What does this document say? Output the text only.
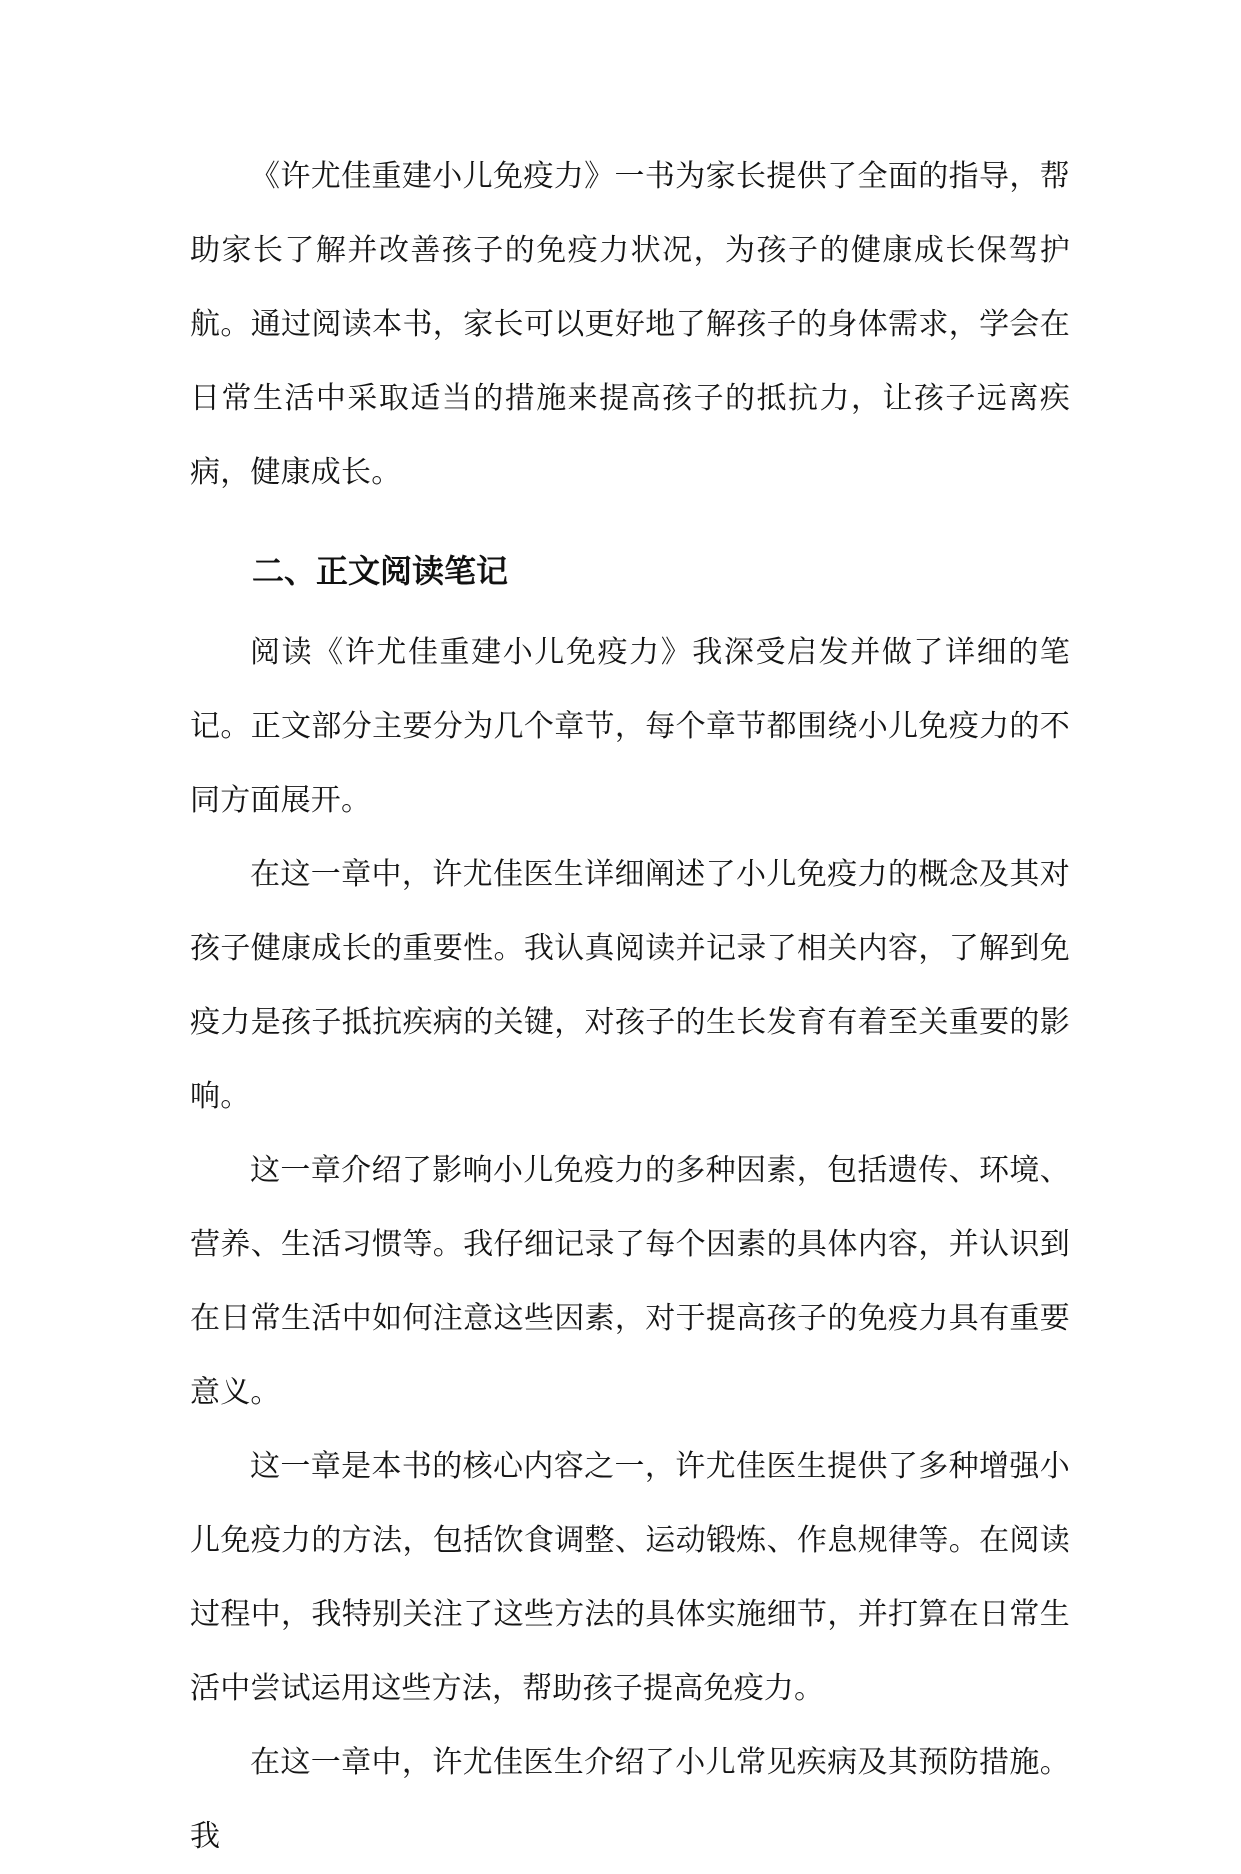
《许尤佳重建小儿免疫力》一书为家长提供了全面的指导，帮助家长了解并改善孩子的免疫力状况，为孩子的健康成长保驾护航。通过阅读本书，家长可以更好地了解孩子的身体需求，学会在日常生活中采取适当的措施来提高孩子的抵抗力，让孩子远离疾病，健康成长。

二、正文阅读笔记

阅读《许尤佳重建小儿免疫力》我深受启发并做了详细的笔记。正文部分主要分为几个章节，每个章节都围绕小儿免疫力的不同方面展开。

在这一章中，许尤佳医生详细阐述了小儿免疫力的概念及其对孩子健康成长的重要性。我认真阅读并记录了相关内容，了解到免疫力是孩子抵抗疾病的关键，对孩子的生长发育有着至关重要的影响。

这一章介绍了影响小儿免疫力的多种因素，包括遗传、环境、营养、生活习惯等。我仔细记录了每个因素的具体内容，并认识到在日常生活中如何注意这些因素，对于提高孩子的免疫力具有重要意义。

这一章是本书的核心内容之一，许尤佳医生提供了多种增强小儿免疫力的方法，包括饮食调整、运动锻炼、作息规律等。在阅读过程中，我特别关注了这些方法的具体实施细节，并打算在日常生活中尝试运用这些方法，帮助孩子提高免疫力。

在这一章中，许尤佳医生介绍了小儿常见疾病及其预防措施。我
